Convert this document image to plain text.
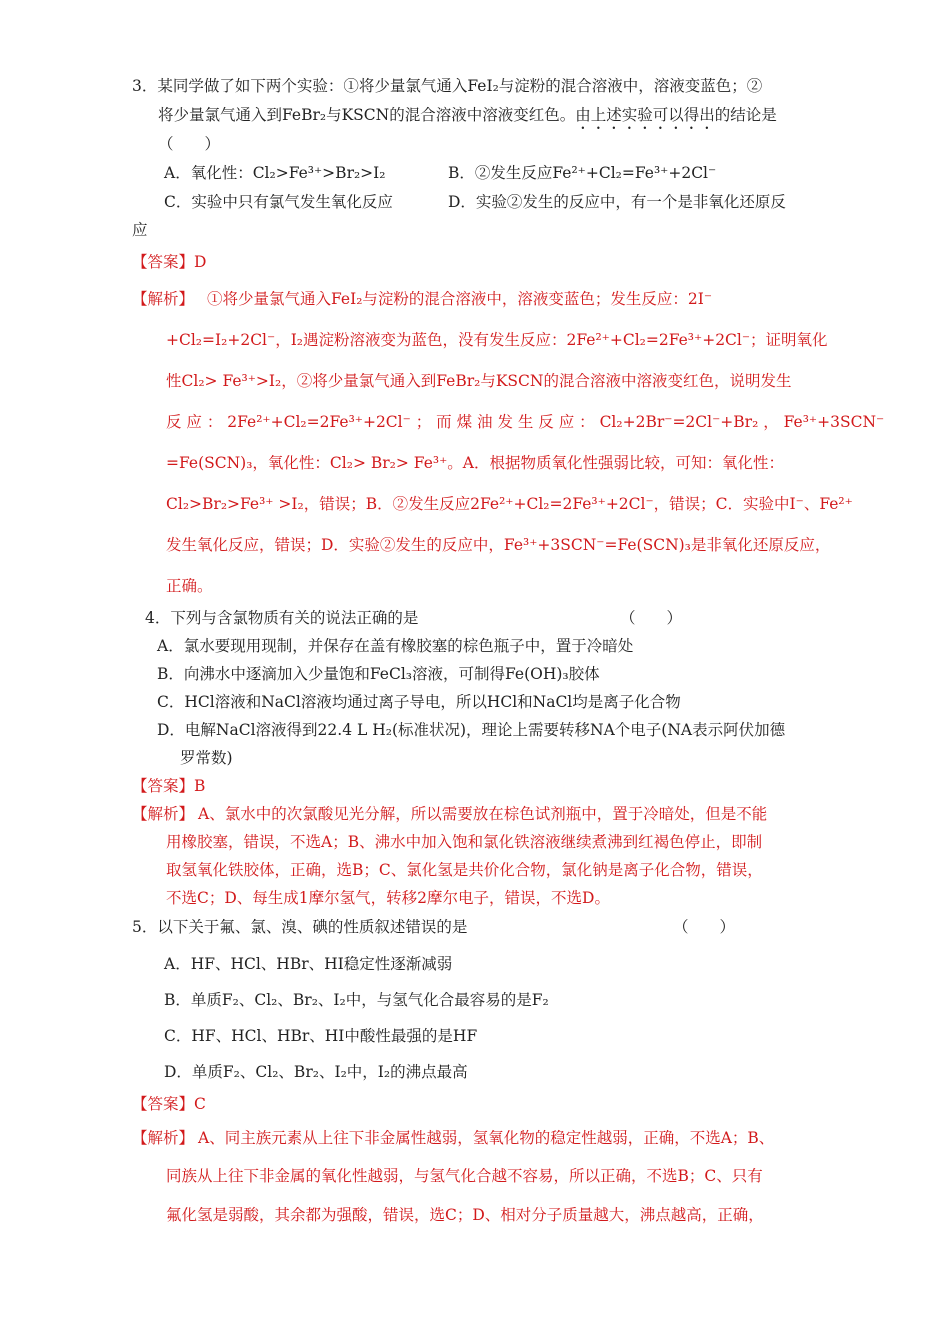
3．某同学做了如下两个实验：①将少量氯气通入FeI₂与淀粉的混合溶液中，溶液变蓝色；②
将少量氯气通入到FeBr₂与KSCN的混合溶液中溶液变红色。由上述实验可以得出的结论是
（　　）
A．氧化性：Cl₂>Fe³⁺>Br₂>I₂	B．②发生反应Fe²⁺+Cl₂=Fe³⁺+2Cl⁻
C．实验中只有氯气发生氧化反应	D．实验②发生的反应中，有一个是非氧化还原反
应
【答案】D
【解析】 ①将少量氯气通入FeI₂与淀粉的混合溶液中，溶液变蓝色；发生反应：2I⁻
+Cl₂=I₂+2Cl⁻，I₂遇淀粉溶液变为蓝色，没有发生反应：2Fe²⁺+Cl₂=2Fe³⁺+2Cl⁻；证明氧化
性Cl₂> Fe³⁺>I₂，②将少量氯气通入到FeBr₂与KSCN的混合溶液中溶液变红色，说明发生
反 应 ： 2Fe²⁺+Cl₂=2Fe³⁺+2Cl⁻ ； 而 煤 油 发 生 反 应 ： Cl₂+2Br⁻=2Cl⁻+Br₂ ， Fe³⁺+3SCN⁻
=Fe(SCN)₃，氧化性：Cl₂> Br₂> Fe³⁺。A．根据物质氧化性强弱比较，可知：氧化性：
Cl₂>Br₂>Fe³⁺ >I₂，错误；B．②发生反应2Fe²⁺+Cl₂=2Fe³⁺+2Cl⁻，错误；C．实验中I⁻、Fe²⁺
发生氧化反应，错误；D．实验②发生的反应中，Fe³⁺+3SCN⁻=Fe(SCN)₃是非氧化还原反应，
正确。
4．下列与含氯物质有关的说法正确的是	（　　）
A．氯水要现用现制，并保存在盖有橡胶塞的棕色瓶子中，置于冷暗处
B．向沸水中逐滴加入少量饱和FeCl₃溶液，可制得Fe(OH)₃胶体
C．HCl溶液和NaCl溶液均通过离子导电，所以HCl和NaCl均是离子化合物
D．电解NaCl溶液得到22.4 L H₂(标准状况)，理论上需要转移NA个电子(NA表示阿伏加德
罗常数)
【答案】B
【解析】 A、氯水中的次氯酸见光分解，所以需要放在棕色试剂瓶中，置于冷暗处，但是不能
用橡胶塞，错误，不选A；B、沸水中加入饱和氯化铁溶液继续煮沸到红褐色停止，即制
取氢氧化铁胶体，正确，选B；C、氯化氢是共价化合物，氯化钠是离子化合物，错误，
不选C；D、每生成1摩尔氢气，转移2摩尔电子，错误，不选D。
5．以下关于氟、氯、溴、碘的性质叙述错误的是	（　　）
A．HF、HCl、HBr、HI稳定性逐渐减弱
B．单质F₂、Cl₂、Br₂、I₂中，与氢气化合最容易的是F₂
C．HF、HCl、HBr、HI中酸性最强的是HF
D．单质F₂、Cl₂、Br₂、I₂中，I₂的沸点最高
【答案】C
【解析】 A、同主族元素从上往下非金属性越弱，氢氧化物的稳定性越弱，正确，不选A；B、
同族从上往下非金属的氧化性越弱，与氢气化合越不容易，所以正确，不选B；C、只有
氟化氢是弱酸，其余都为强酸，错误，选C；D、相对分子质量越大，沸点越高，正确，
